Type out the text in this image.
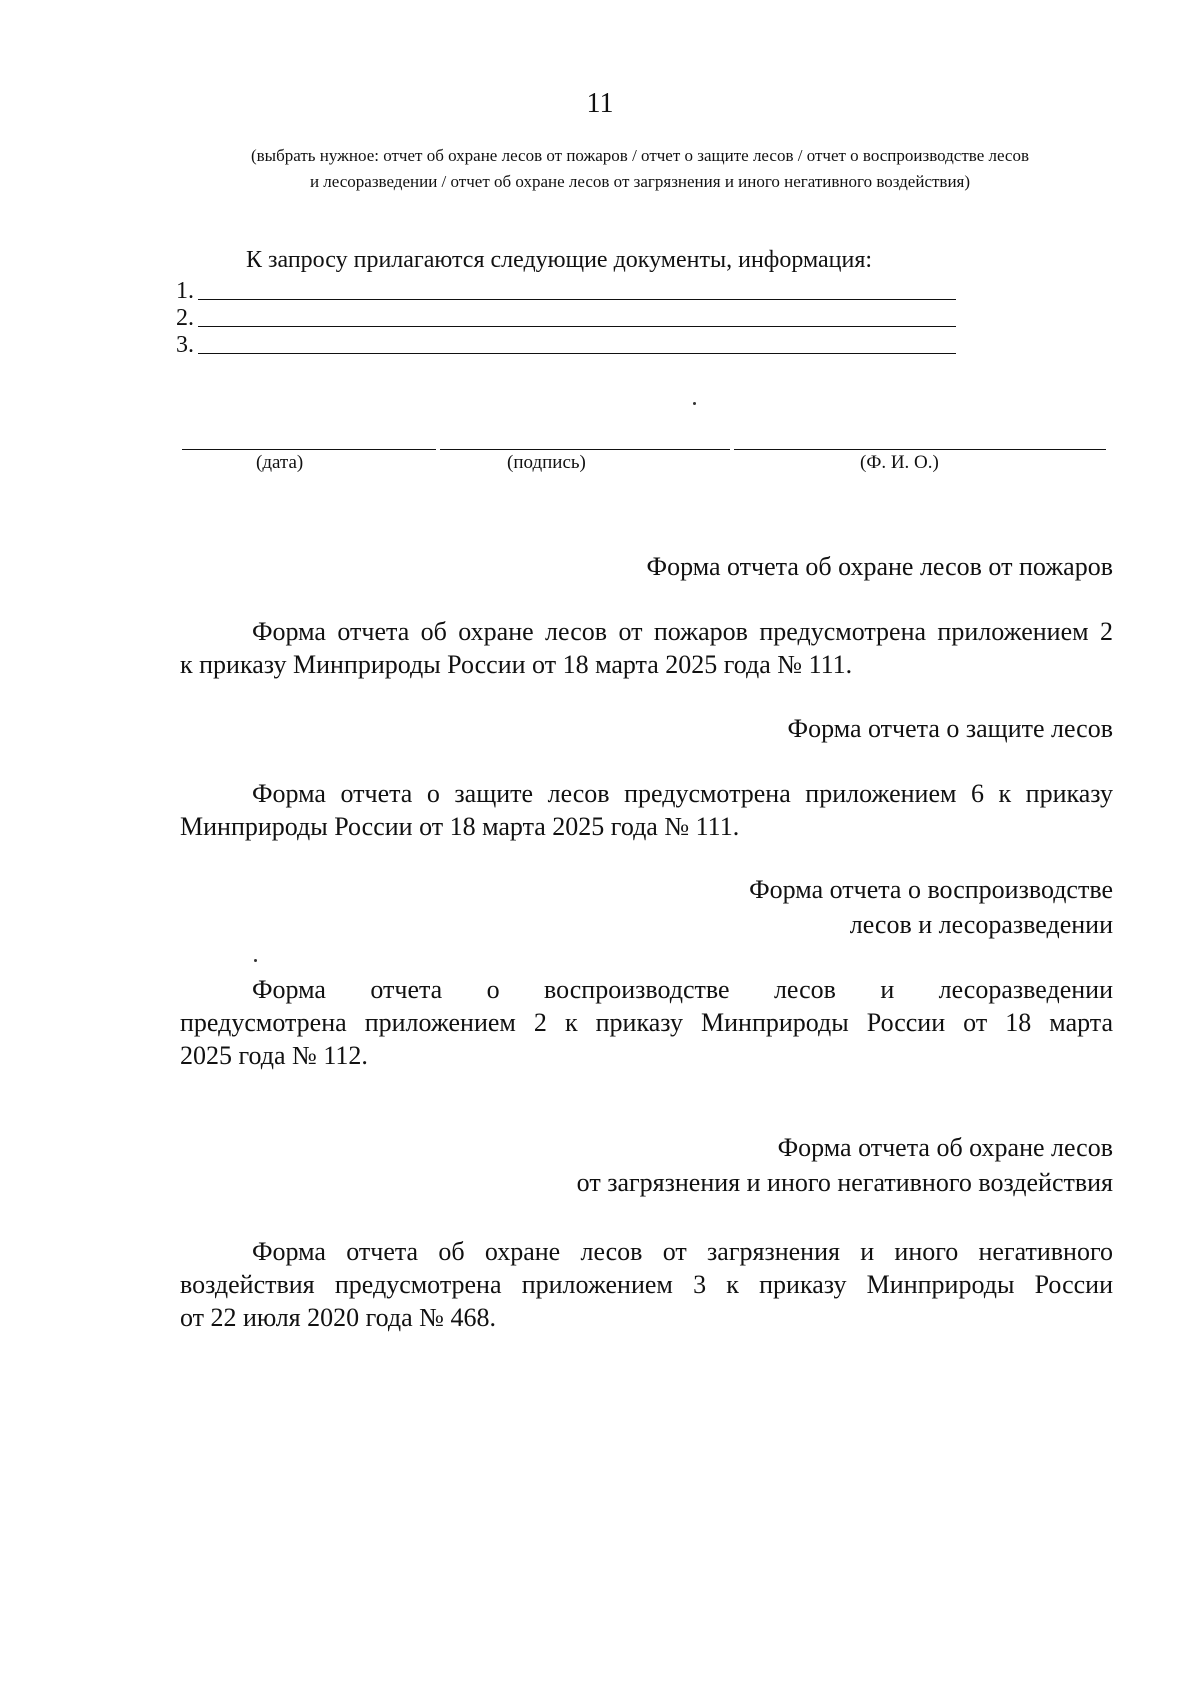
11
(выбрать нужное: отчет об охране лесов от пожаров / отчет о защите лесов / отчет о воспроизводстве лесов
и лесоразведении / отчет об охране лесов от загрязнения и иного негативного воздействия)
К запросу прилагаются следующие документы, информация:
1.
2.
3.
(дата)	(подпись)	(Ф. И. О.)
Форма отчета об охране лесов от пожаров
Форма отчета об охране лесов от пожаров предусмотрена приложением 2
к приказу Минприроды России от 18 марта 2025 года № 111.
Форма отчета о защите лесов
Форма отчета о защите лесов предусмотрена приложением 6 к приказу
Минприроды России от 18 марта 2025 года № 111.
Форма отчета о воспроизводстве
лесов и лесоразведении
Форма отчета о воспроизводстве лесов и лесоразведении
предусмотрена приложением 2 к приказу Минприроды России от 18 марта
2025 года № 112.
Форма отчета об охране лесов
от загрязнения и иного негативного воздействия
Форма отчета об охране лесов от загрязнения и иного негативного
воздействия предусмотрена приложением 3 к приказу Минприроды России
от 22 июля 2020 года № 468.
